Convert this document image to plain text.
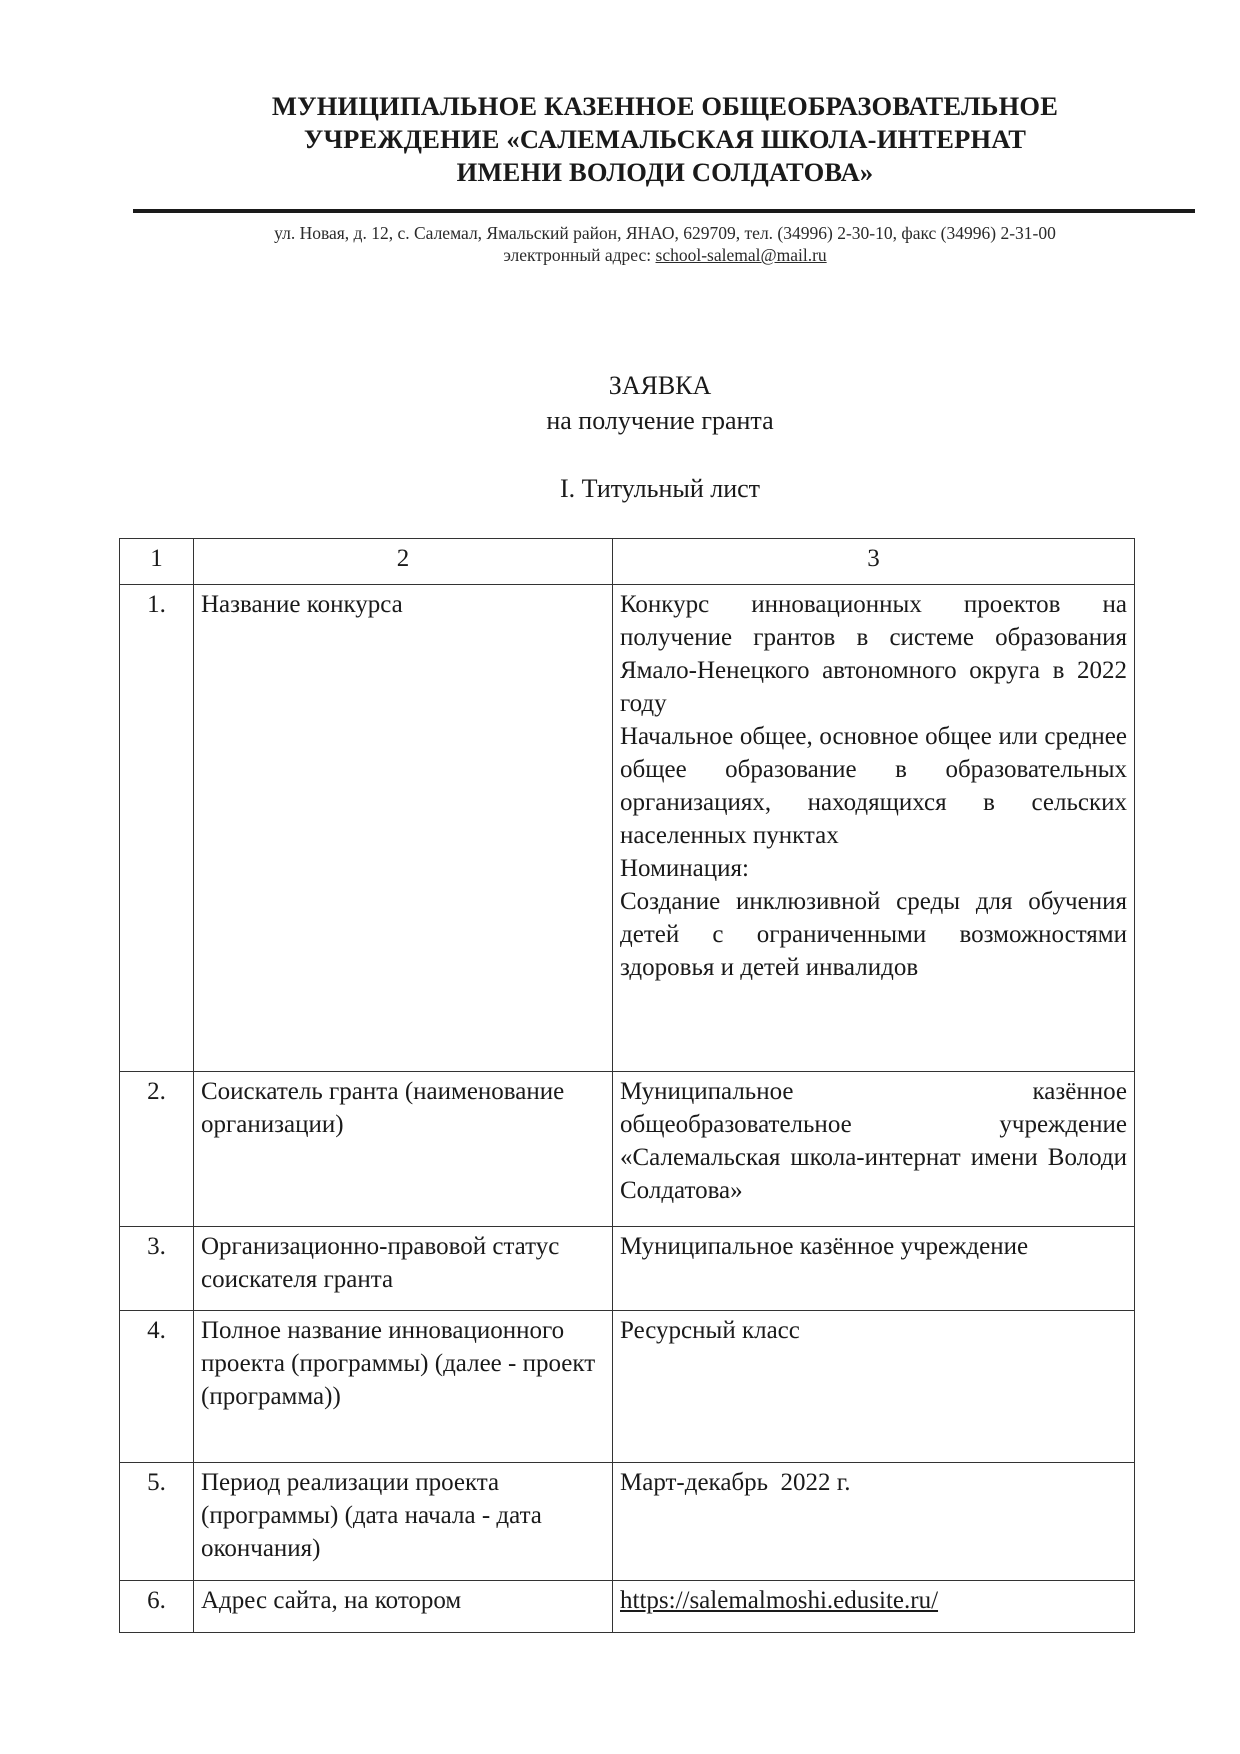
МУНИЦИПАЛЬНОЕ КАЗЕННОЕ ОБЩЕОБРАЗОВАТЕЛЬНОЕ
УЧРЕЖДЕНИЕ «САЛЕМАЛЬСКАЯ ШКОЛА-ИНТЕРНАТ
ИМЕНИ ВОЛОДИ СОЛДАТОВА»
ул. Новая, д. 12, с. Салемал, Ямальский район, ЯНАО, 629709, тел. (34996) 2-30-10, факс (34996) 2-31-00
электронный адрес: school-salemal@mail.ru
ЗАЯВКА
на получение гранта
I. Титульный лист
1	2	3
1.	Название конкурса	Конкурс инновационных проектов на получение грантов в системе образования Ямало-Ненецкого автономного округа в 2022 году
Начальное общее, основное общее или среднее общее образование в образовательных организациях, находящихся в сельских населенных пунктах
Номинация:
Создание инклюзивной среды для обучения детей с ограниченными возможностями здоровья и детей инвалидов

2.	Соискатель гранта (наименование организации)	Муниципальное казённое общеобразовательное учреждение «Салемальская школа-интернат имени Володи Солдатова»
3.	Организационно-правовой статус соискателя гранта	Муниципальное казённое учреждение
4.	Полное название инновационного проекта (программы) (далее - проект (программа))	Ресурсный класс
5.	Период реализации проекта (программы) (дата начала - дата окончания)	Март-декабрь  2022 г.
6.	Адрес сайта, на котором	https://salemalmoshi.edusite.ru/
